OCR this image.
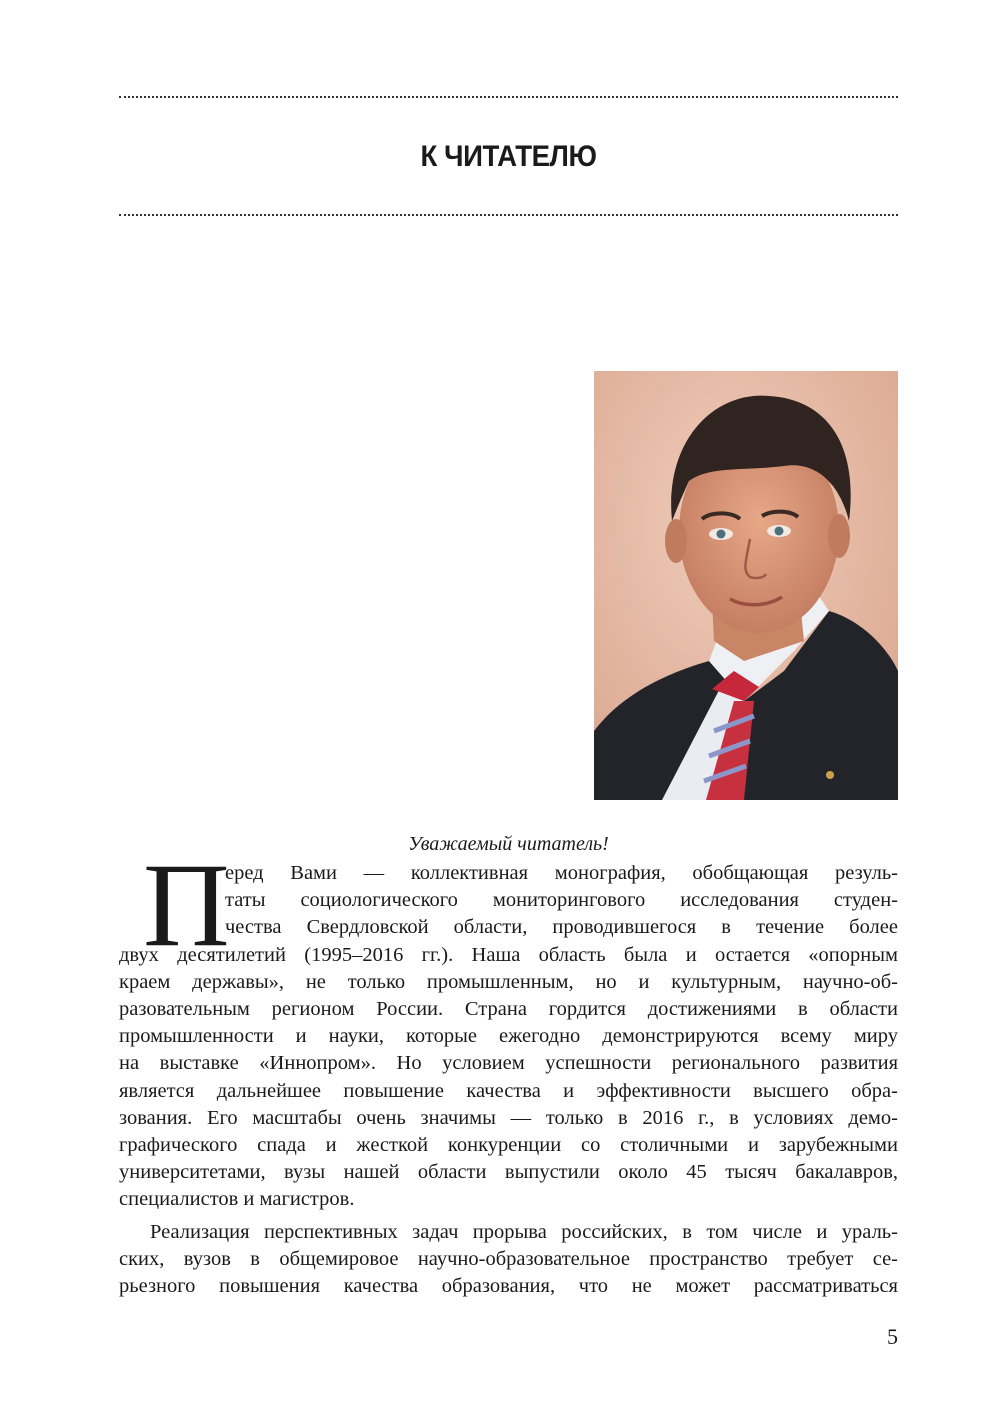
К ЧИТАТЕЛЮ
Уважаемый читатель!
П
еред Вами — коллективная монография, обобщающая резуль-
таты социологического мониторингового исследования студен-
чества Свердловской области, проводившегося в течение более
двух десятилетий (1995–2016 гг.). Наша область была и остается «опорным
краем державы», не только промышленным, но и культурным, научно-об-
разовательным регионом России. Страна гордится достижениями в области
промышленности и науки, которые ежегодно демонстрируются всему миру
на выставке «Иннопром». Но условием успешности регионального развития
является дальнейшее повышение качества и эффективности высшего обра-
зования. Его масштабы очень значимы — только в 2016 г., в условиях демо-
графического спада и жесткой конкуренции со столичными и зарубежными
университетами, вузы нашей области выпустили около 45 тысяч бакалавров,
специалистов и магистров.
Реализация перспективных задач прорыва российских, в том числе и ураль-
ских, вузов в общемировое научно-образовательное пространство требует се-
рьезного повышения качества образования, что не может рассматриваться
5
